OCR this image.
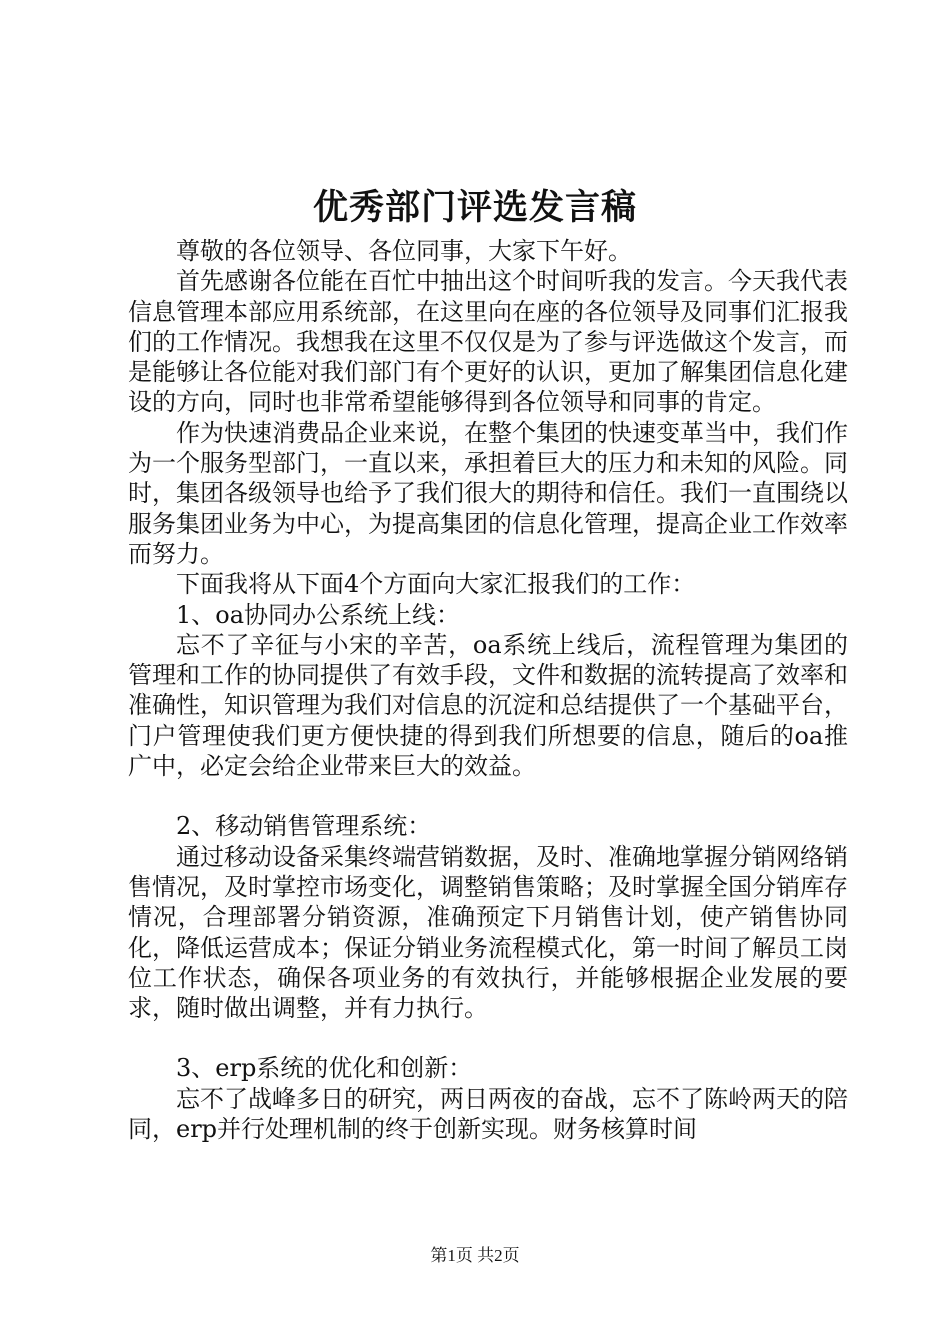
优秀部门评选发言稿

尊敬的各位领导、各位同事，大家下午好。

首先感谢各位能在百忙中抽出这个时间听我的发言。今天我代表信息管理本部应用系统部，在这里向在座的各位领导及同事们汇报我们的工作情况。我想我在这里不仅仅是为了参与评选做这个发言，而是能够让各位能对我们部门有个更好的认识，更加了解集团信息化建设的方向，同时也非常希望能够得到各位领导和同事的肯定。

作为快速消费品企业来说，在整个集团的快速变革当中，我们作为一个服务型部门，一直以来，承担着巨大的压力和未知的风险。同时，集团各级领导也给予了我们很大的期待和信任。我们一直围绕以服务集团业务为中心，为提高集团的信息化管理，提高企业工作效率而努力。

下面我将从下面4个方面向大家汇报我们的工作：

1、oa协同办公系统上线：

忘不了辛征与小宋的辛苦，oa系统上线后，流程管理为集团的管理和工作的协同提供了有效手段，文件和数据的流转提高了效率和准确性，知识管理为我们对信息的沉淀和总结提供了一个基础平台，门户管理使我们更方便快捷的得到我们所想要的信息，随后的oa推广中，必定会给企业带来巨大的效益。

2、移动销售管理系统：

通过移动设备采集终端营销数据，及时、准确地掌握分销网络销售情况，及时掌控市场变化，调整销售策略；及时掌握全国分销库存情况，合理部署分销资源，准确预定下月销售计划，使产销售协同化，降低运营成本；保证分销业务流程模式化，第一时间了解员工岗位工作状态，确保各项业务的有效执行，并能够根据企业发展的要求，随时做出调整，并有力执行。

3、erp系统的优化和创新：

忘不了战峰多日的研究，两日两夜的奋战，忘不了陈岭两天的陪同，erp并行处理机制的终于创新实现。财务核算时间

第1页 共2页
